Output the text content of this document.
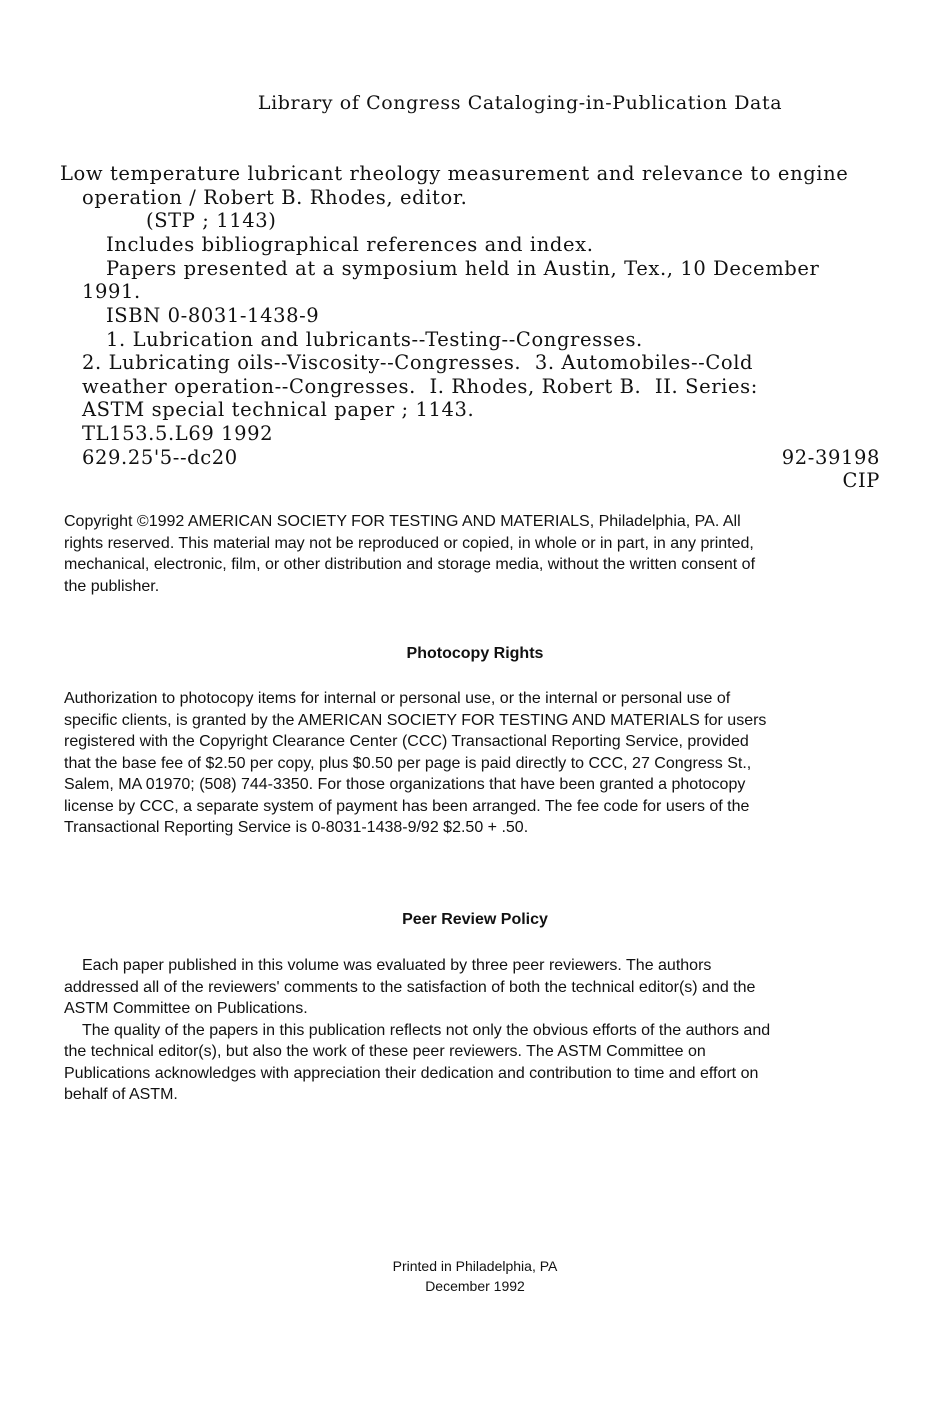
Library of Congress Cataloging-in-Publication Data
Low temperature lubricant rheology measurement and relevance to engine
operation / Robert B. Rhodes, editor.
(STP ; 1143)
Includes bibliographical references and index.
Papers presented at a symposium held in Austin, Tex., 10 December
1991.
ISBN 0-8031-1438-9
1. Lubrication and lubricants--Testing--Congresses.
2. Lubricating oils--Viscosity--Congresses.  3. Automobiles--Cold
weather operation--Congresses.  I. Rhodes, Robert B.  II. Series:
ASTM special technical paper ; 1143.
TL153.5.L69 1992
629.25'5--dc20	92-39198
CIP
Copyright ©1992 AMERICAN SOCIETY FOR TESTING AND MATERIALS, Philadelphia, PA. All
rights reserved. This material may not be reproduced or copied, in whole or in part, in any printed,
mechanical, electronic, film, or other distribution and storage media, without the written consent of
the publisher.
Photocopy Rights
Authorization to photocopy items for internal or personal use, or the internal or personal use of
specific clients, is granted by the AMERICAN SOCIETY FOR TESTING AND MATERIALS for users
registered with the Copyright Clearance Center (CCC) Transactional Reporting Service, provided
that the base fee of $2.50 per copy, plus $0.50 per page is paid directly to CCC, 27 Congress St.,
Salem, MA 01970; (508) 744-3350. For those organizations that have been granted a photocopy
license by CCC, a separate system of payment has been arranged. The fee code for users of the
Transactional Reporting Service is 0-8031-1438-9/92 $2.50 + .50.
Peer Review Policy
Each paper published in this volume was evaluated by three peer reviewers. The authors
addressed all of the reviewers' comments to the satisfaction of both the technical editor(s) and the
ASTM Committee on Publications.
The quality of the papers in this publication reflects not only the obvious efforts of the authors and
the technical editor(s), but also the work of these peer reviewers. The ASTM Committee on
Publications acknowledges with appreciation their dedication and contribution to time and effort on
behalf of ASTM.
Printed in Philadelphia, PA
December 1992
